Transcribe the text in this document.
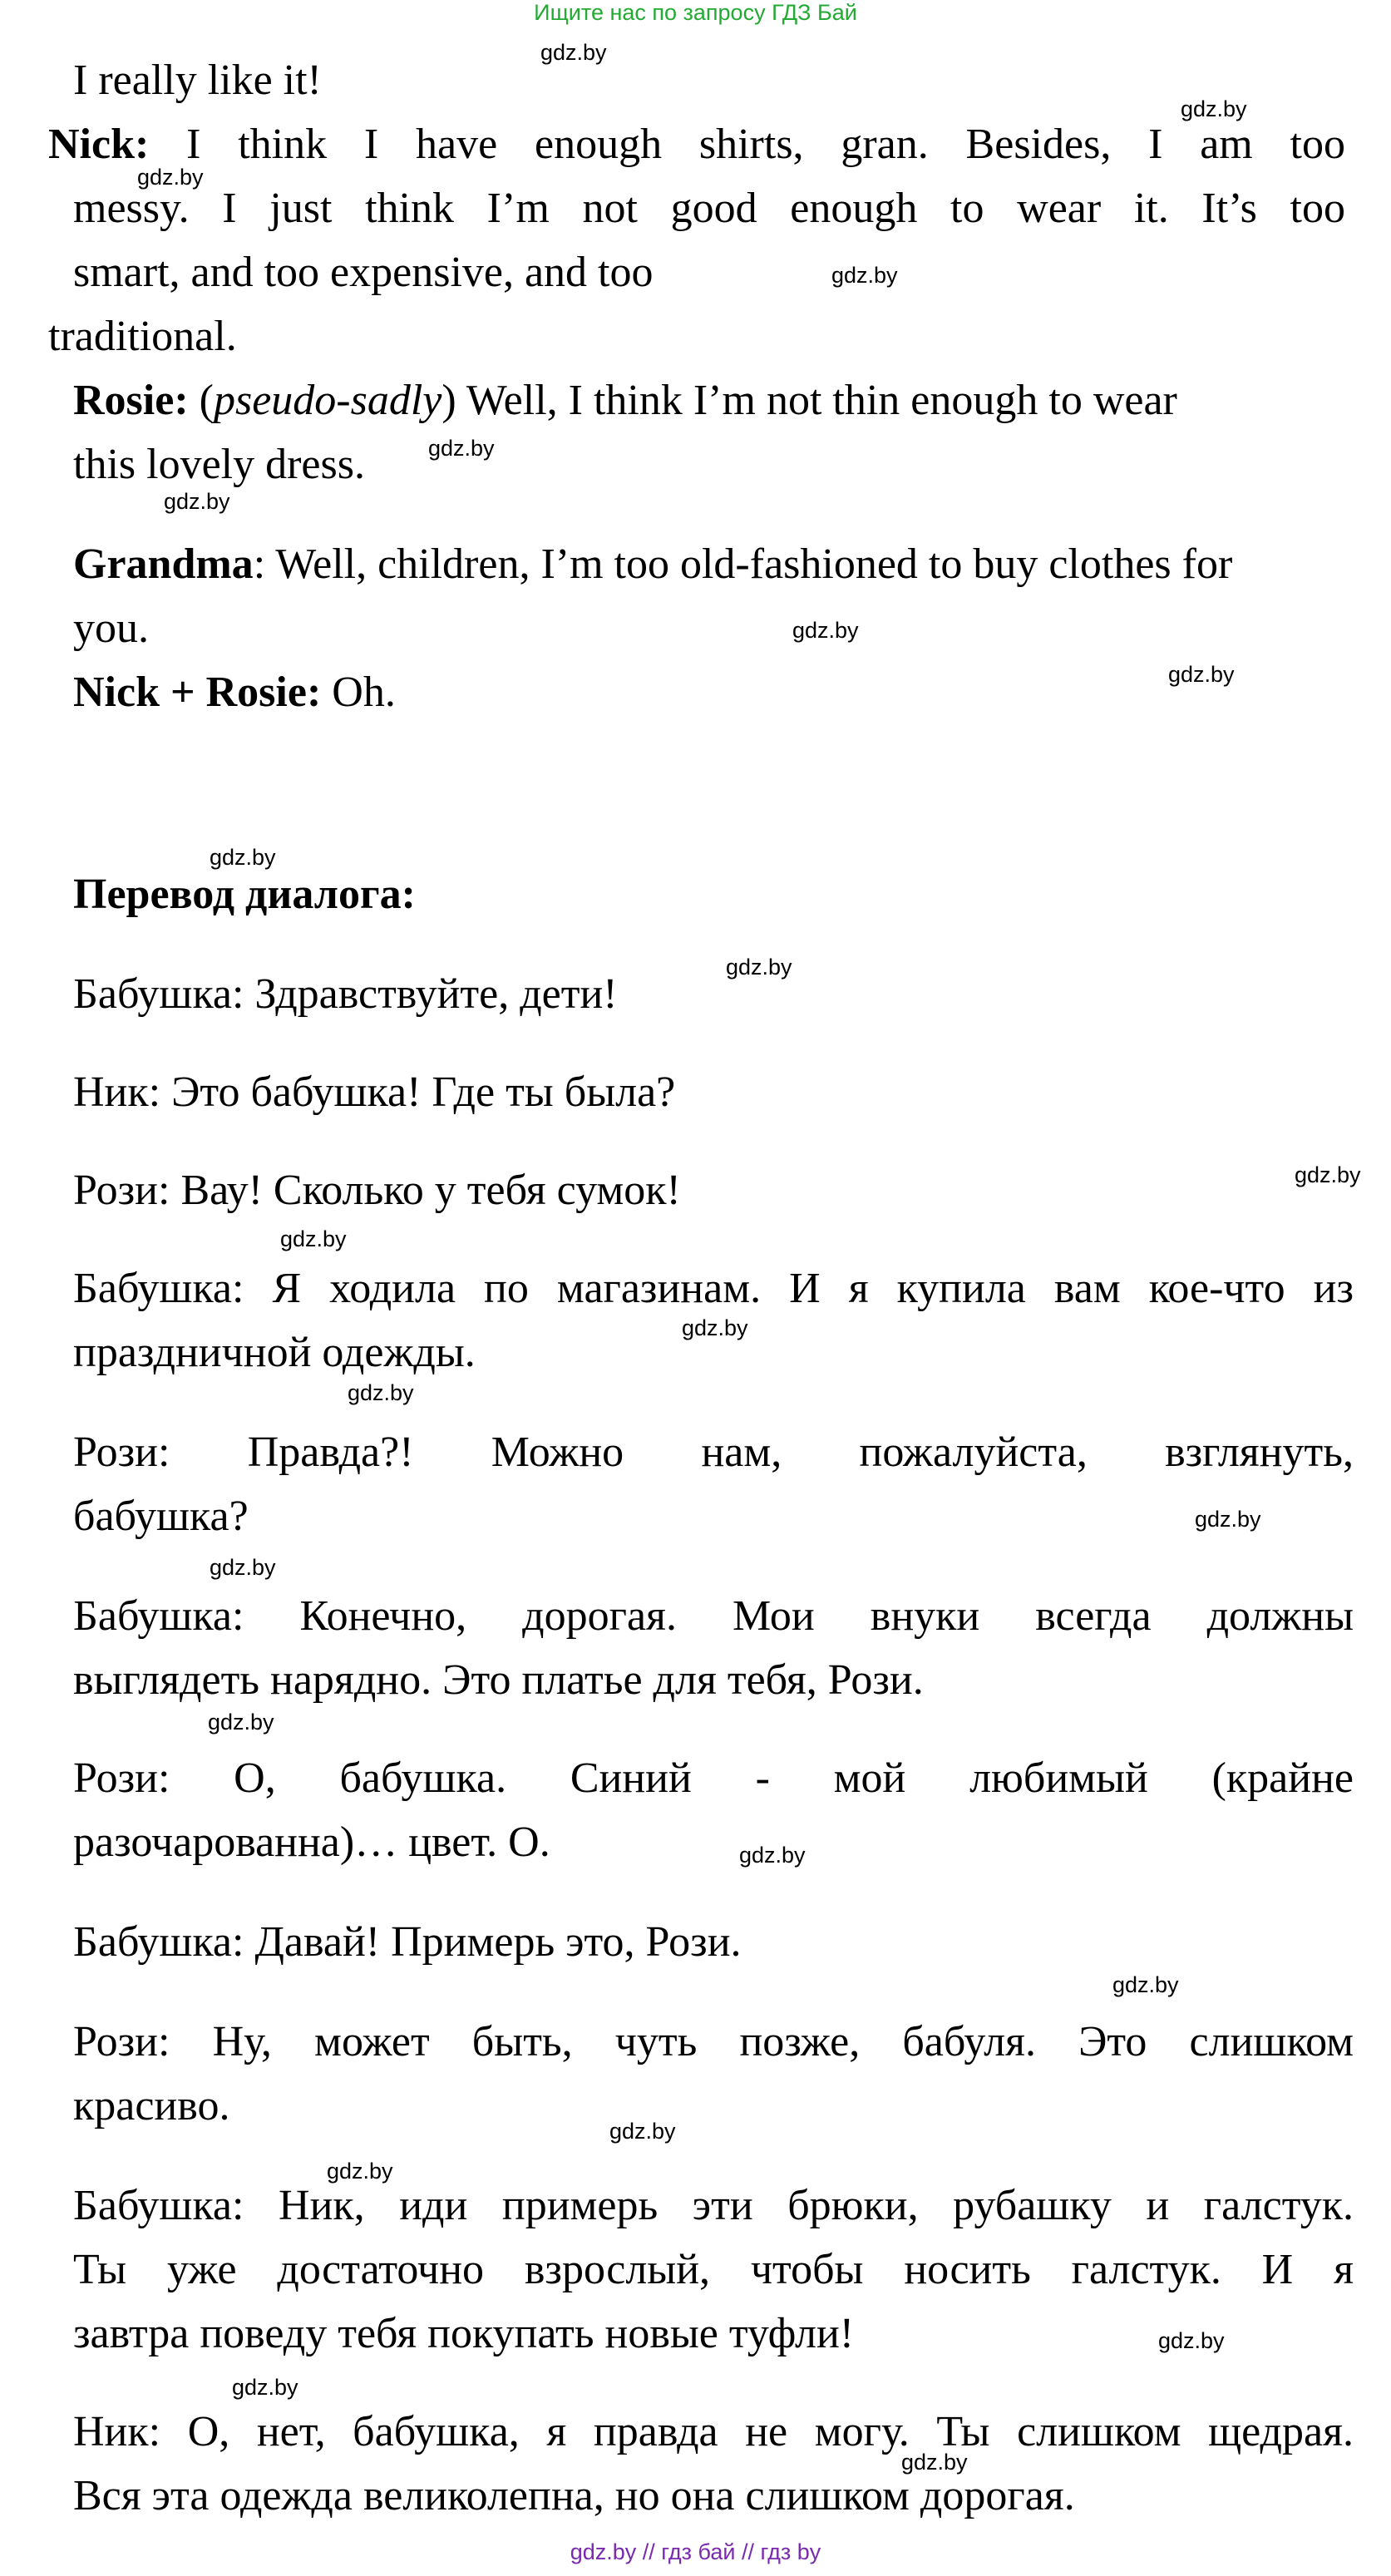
Ищите нас по запросу ГДЗ Бай
I really like it!
Nick: I think I have enough shirts, gran. Besides, I am too
messy. I just think I’m not good enough to wear it. It’s too
smart, and too expensive, and too
traditional.
Rosie: (pseudo-sadly) Well, I think I’m not thin enough to wear
this lovely dress.
Grandma: Well, children, I’m too old-fashioned to buy clothes for
you.
Nick + Rosie: Oh.
Перевод диалога:
Бабушка: Здравствуйте, дети!
Ник: Это бабушка! Где ты была?
Рози: Вау! Сколько у тебя сумок!
Бабушка: Я ходила по магазинам. И я купила вам кое-что из
праздничной одежды.
Рози: Правда?! Можно нам, пожалуйста, взглянуть,
бабушка?
Бабушка: Конечно, дорогая. Мои внуки всегда должны
выглядеть нарядно. Это платье для тебя, Рози.
Рози: О, бабушка. Синий - мой любимый (крайне
разочарованна)… цвет. О.
Бабушка: Давай! Примерь это, Рози.
Рози: Ну, может быть, чуть позже, бабуля. Это слишком
красиво.
Бабушка: Ник, иди примерь эти брюки, рубашку и галстук.
Ты уже достаточно взрослый, чтобы носить галстук. И я
завтра поведу тебя покупать новые туфли!
Ник: О, нет, бабушка, я правда не могу. Ты слишком щедрая.
Вся эта одежда великолепна, но она слишком дорогая.
gdz.by
gdz.by
gdz.by
gdz.by
gdz.by
gdz.by
gdz.by
gdz.by
gdz.by
gdz.by
gdz.by
gdz.by
gdz.by
gdz.by
gdz.by
gdz.by
gdz.by
gdz.by
gdz.by
gdz.by
gdz.by
gdz.by
gdz.by
gdz.by
gdz.by // гдз бай // гдз by
